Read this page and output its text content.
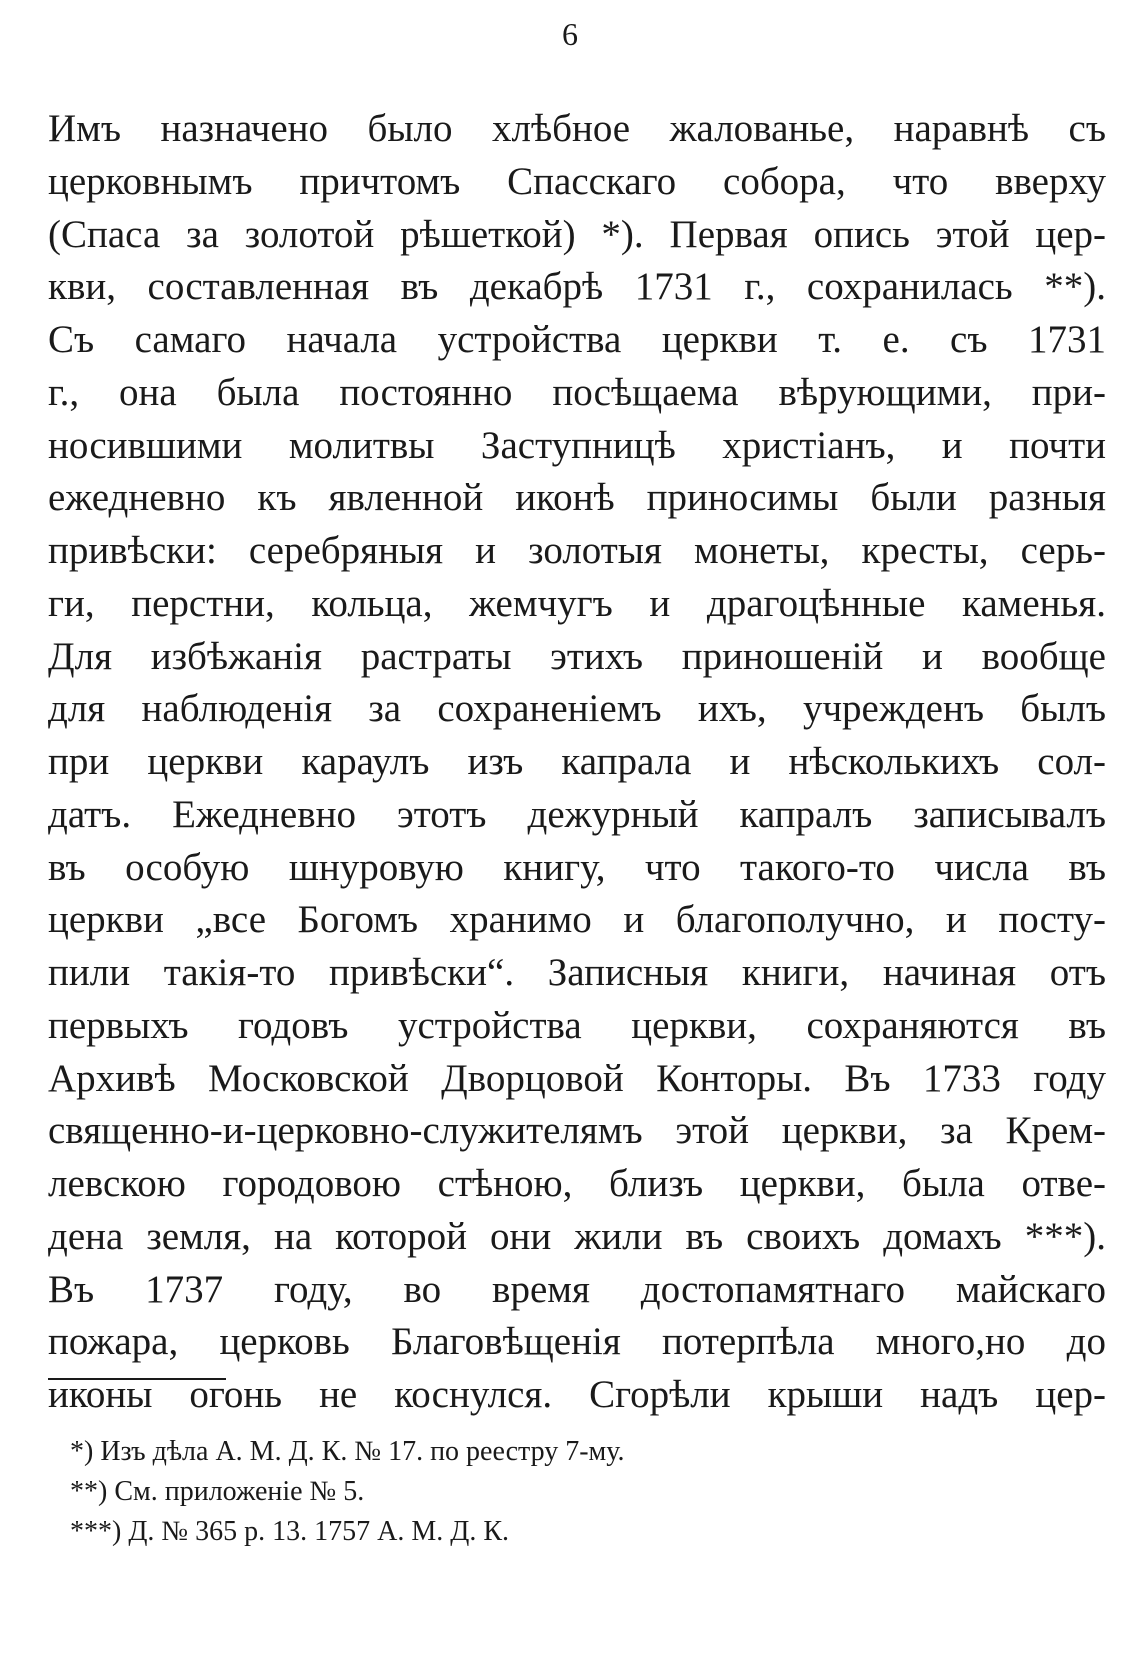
6
Имъ назначено было хлѣбное жалованье, наравнѣ съ
церковнымъ причтомъ Спасскаго собора, что вверху
(Спаса за золотой рѣшеткой) *). Первая опись этой цер-
кви, составленная въ декабрѣ 1731 г., сохранилась **).
Съ самаго начала устройства церкви т. е. съ 1731
г., она была постоянно посѣщаема вѣрующими, при-
носившими молитвы Заступницѣ христіанъ, и почти
ежедневно къ явленной иконѣ приносимы были разныя
привѣски: серебряныя и золотыя монеты, кресты, серь-
ги, перстни, кольца, жемчугъ и драгоцѣнные каменья.
Для избѣжанія растраты этихъ приношеній и вообще
для наблюденія за сохраненіемъ ихъ, учрежденъ былъ
при церкви караулъ изъ капрала и нѣсколькихъ сол-
датъ. Ежедневно этотъ дежурный капралъ записывалъ
въ особую шнуровую книгу, что такого-то числа въ
церкви „все Богомъ хранимо и благополучно, и посту-
пили такія-то привѣски“. Записныя книги, начиная отъ
первыхъ годовъ устройства церкви, сохраняются въ
Архивѣ Московской Дворцовой Конторы. Въ 1733 году
священно-и-церковно-служителямъ этой церкви, за Крем-
левскою городовою стѣною, близъ церкви, была отве-
дена земля, на которой они жили въ своихъ домахъ ***).
Въ 1737 году, во время достопамятнаго майскаго
пожара, церковь Благовѣщенія потерпѣла много,но до
иконы огонь не коснулся. Сгорѣли крыши надъ цер-
*) Изъ дѣла А. М. Д. К. № 17. по реестру 7-му.
**) См. приложеніе № 5.
***) Д. № 365 р. 13. 1757 А. М. Д. К.
